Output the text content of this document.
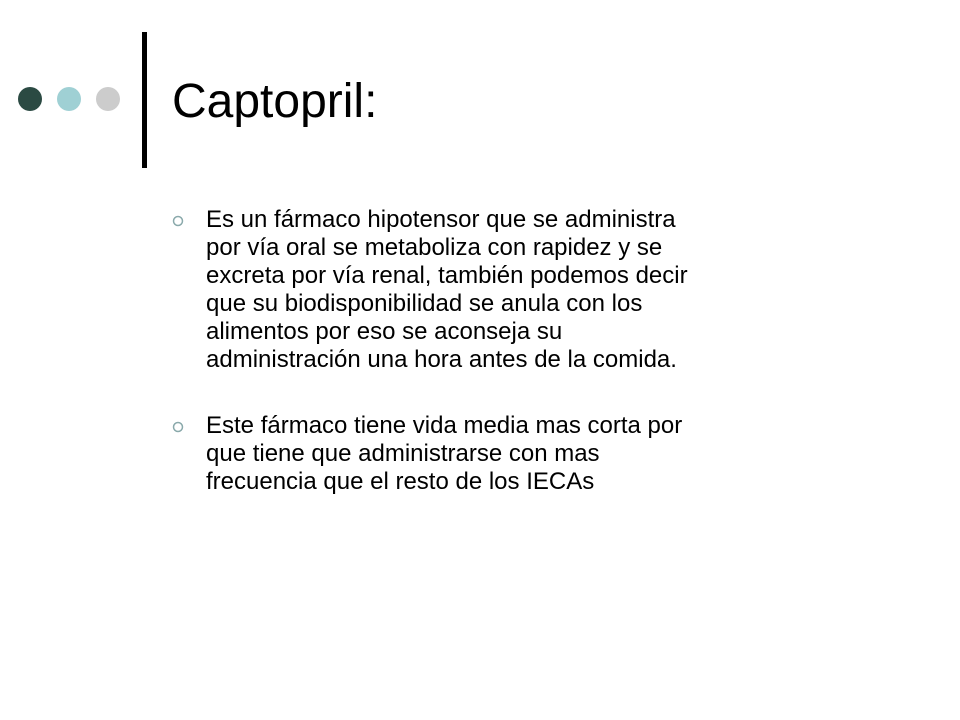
Captopril:
Es un fármaco hipotensor que se administra
por vía oral se metaboliza con rapidez y se
excreta por vía renal, también podemos decir
que su biodisponibilidad se anula con los
alimentos por eso se aconseja su
administración una hora antes de la comida.
Este fármaco tiene vida media mas corta por
que tiene que administrarse con mas
frecuencia que el resto de los IECAs
